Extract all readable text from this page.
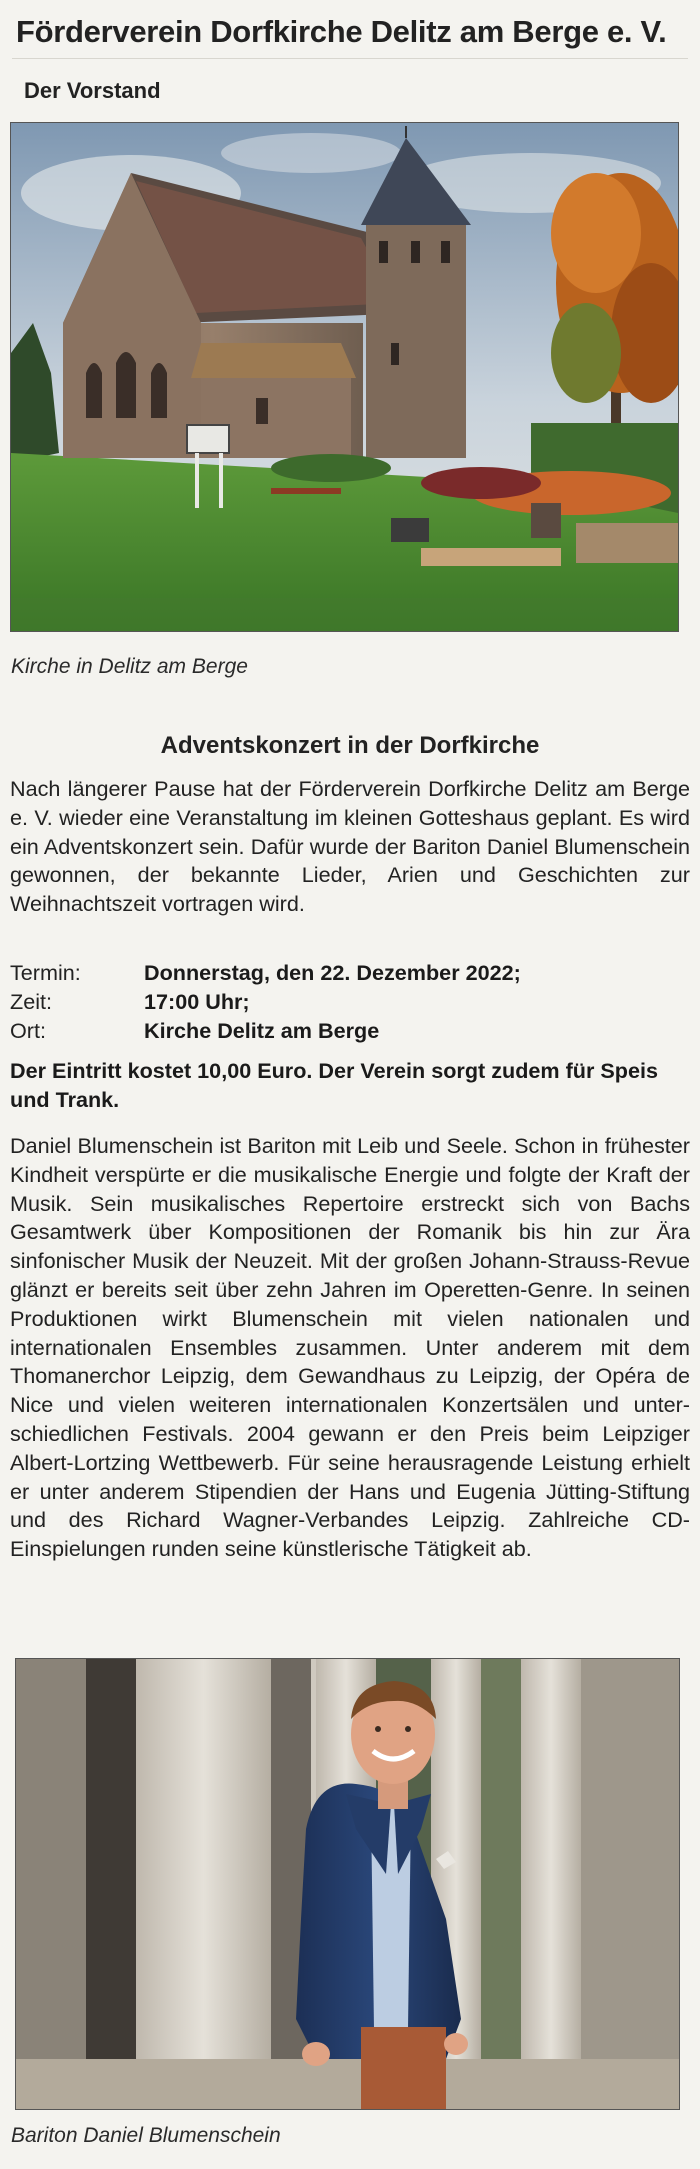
Förderverein Dorfkirche Delitz am Berge e. V.
Der Vorstand

Kirche in Delitz am Berge

Adventskonzert in der Dorfkirche

Nach längerer Pause hat der Förderverein Dorfkirche Delitz am Berge e. V. wieder eine Veranstaltung im kleinen Gotteshaus geplant. Es wird ein Adventskonzert sein. Dafür wurde der Bariton Daniel Blumenschein gewonnen, der bekannte Lieder, Arien und Geschichten zur Weihnachtszeit vortragen wird.

Termin:	Donnerstag, den 22. Dezember 2022;
Zeit:	17:00 Uhr;
Ort:	Kirche Delitz am Berge

Der Eintritt kostet 10,00 Euro. Der Verein sorgt zudem für Speis und Trank.

Daniel Blumenschein ist Bariton mit Leib und Seele. Schon in frühester Kindheit verspürte er die musikalische Energie und folgte der Kraft der Musik. Sein musikalisches Repertoire erstreckt sich von Bachs Gesamtwerk über Kompositionen der Romanik bis hin zur Ära sinfonischer Musik der Neuzeit. Mit der großen Johann-Strauss-Revue glänzt er bereits seit über zehn Jahren im Operetten-Genre. In seinen Produktionen wirkt Blumenschein mit vielen nationalen und internationalen Ensembles zusammen. Unter anderem mit dem Thomanerchor Leipzig, dem Gewandhaus zu Leipzig, der Opéra de Nice und vielen weiteren internationalen Konzertsälen und unterschiedlichen Festivals. 2004 gewann er den Preis beim Leipziger Albert-Lortzing Wettbewerb. Für seine herausragende Leistung erhielt er unter anderem Stipendien der Hans und Eugenia Jütting-Stiftung und des Richard Wagner-Verbandes Leipzig. Zahlreiche CD-Einspielungen runden seine künstlerische Tätigkeit ab.

Bariton Daniel Blumenschein
